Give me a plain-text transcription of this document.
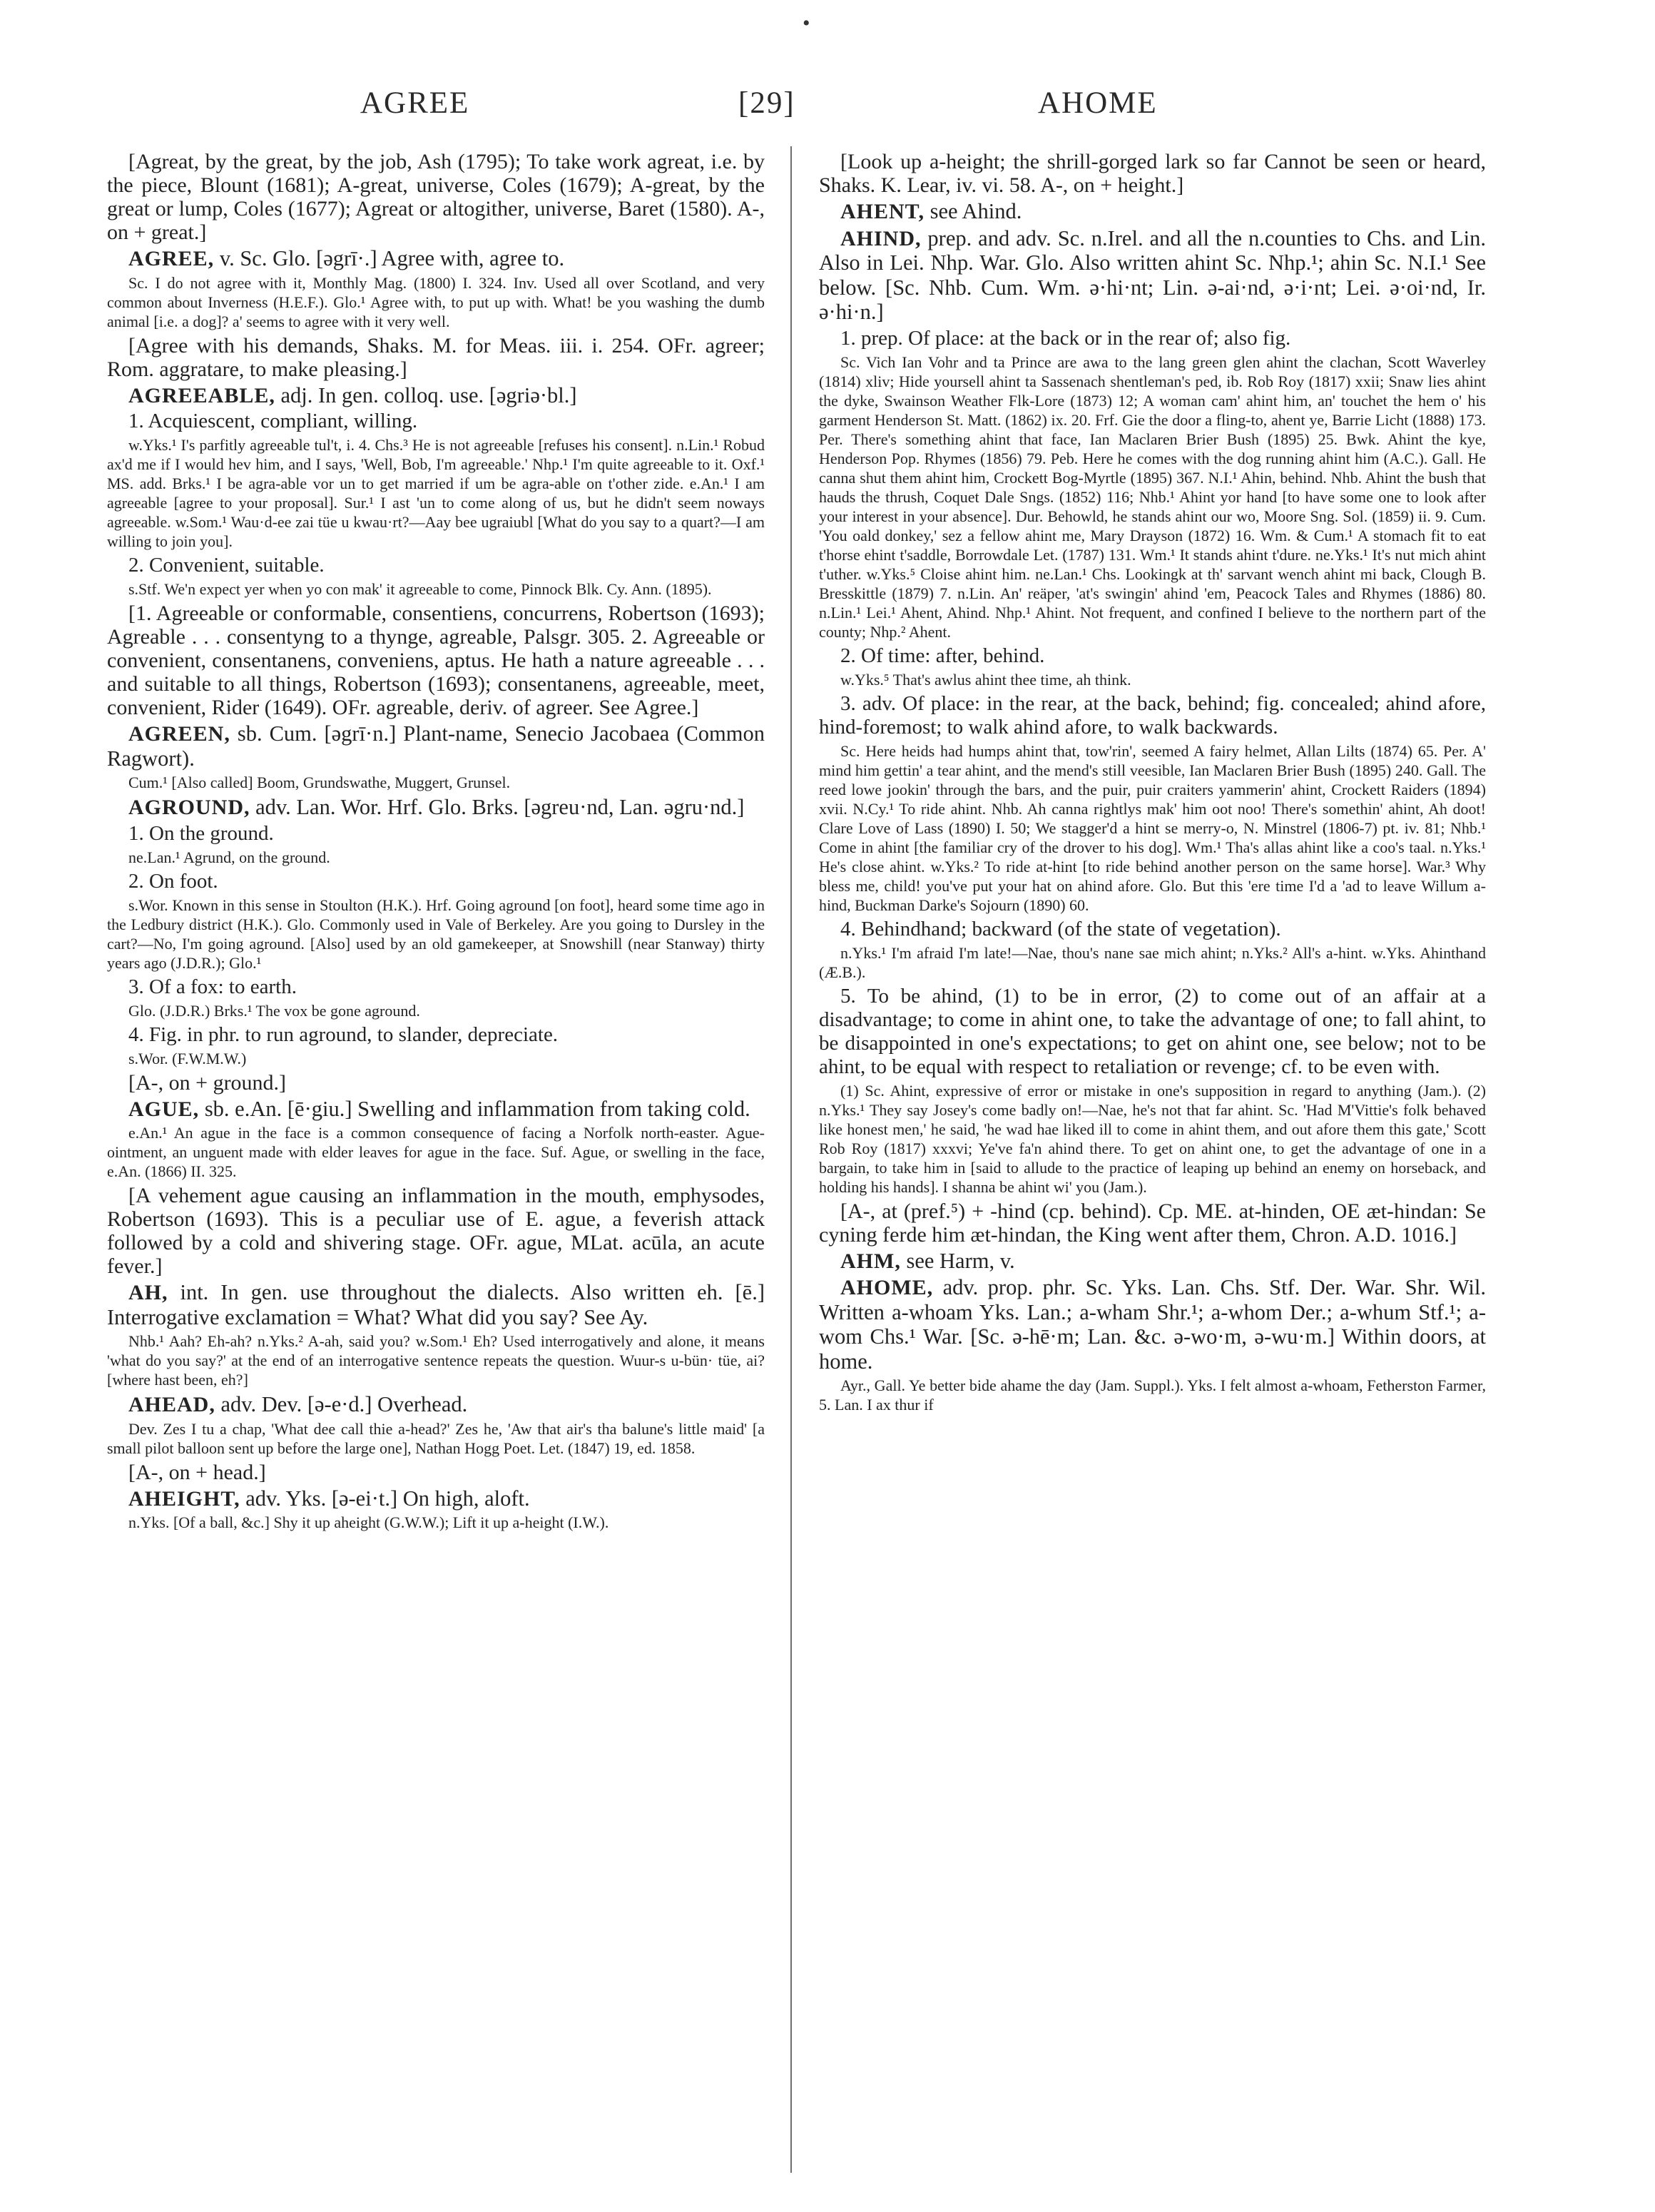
•
AGREE	[29]	AHOME

[Agreat, by the great, by the job, Ash (1795); To take work agreat, i.e. by the piece, Blount (1681); A-great, universe, Coles (1679); A-great, by the great or lump, Coles (1677); Agreat or altogither, universe, Baret (1580). A-, on + great.]

AGREE, v. Sc. Glo. [əgrī·.] Agree with, agree to.

Sc. I do not agree with it, Monthly Mag. (1800) I. 324. Inv. Used all over Scotland, and very common about Inverness (H.E.F.). Glo.¹ Agree with, to put up with. What! be you washing the dumb animal [i.e. a dog]? a' seems to agree with it very well.

[Agree with his demands, Shaks. M. for Meas. iii. i. 254. OFr. agreer; Rom. aggratare, to make pleasing.]

AGREEABLE, adj. In gen. colloq. use. [əgriə·bl.]

1. Acquiescent, compliant, willing.

w.Yks.¹ I's parfitly agreeable tul't, i. 4. Chs.³ He is not agreeable [refuses his consent]. n.Lin.¹ Robud ax'd me if I would hev him, and I says, 'Well, Bob, I'm agreeable.' Nhp.¹ I'm quite agreeable to it. Oxf.¹ MS. add. Brks.¹ I be agra-able vor un to get married if um be agra-able on t'other zide. e.An.¹ I am agreeable [agree to your proposal]. Sur.¹ I ast 'un to come along of us, but he didn't seem noways agreeable. w.Som.¹ Wau·d-ee zai tüe u kwau·rt?—Aay bee ugraiubl [What do you say to a quart?—I am willing to join you].

2. Convenient, suitable.

s.Stf. We'n expect yer when yo con mak' it agreeable to come, Pinnock Blk. Cy. Ann. (1895).

[1. Agreeable or conformable, consentiens, concurrens, Robertson (1693); Agreable . . . consentyng to a thynge, agreable, Palsgr. 305. 2. Agreeable or convenient, consentanens, conveniens, aptus. He hath a nature agreeable . . . and suitable to all things, Robertson (1693); consentanens, agreeable, meet, convenient, Rider (1649). OFr. agreable, deriv. of agreer. See Agree.]

AGREEN, sb. Cum. [əgrī·n.] Plant-name, Senecio Jacobaea (Common Ragwort).

Cum.¹ [Also called] Boom, Grundswathe, Muggert, Grunsel.

AGROUND, adv. Lan. Wor. Hrf. Glo. Brks. [əgreu·nd, Lan. əgru·nd.]

1. On the ground.

ne.Lan.¹ Agrund, on the ground.

2. On foot.

s.Wor. Known in this sense in Stoulton (H.K.). Hrf. Going aground [on foot], heard some time ago in the Ledbury district (H.K.). Glo. Commonly used in Vale of Berkeley. Are you going to Dursley in the cart?—No, I'm going aground. [Also] used by an old gamekeeper, at Snowshill (near Stanway) thirty years ago (J.D.R.); Glo.¹

3. Of a fox: to earth.

Glo. (J.D.R.) Brks.¹ The vox be gone aground.

4. Fig. in phr. to run aground, to slander, depreciate.

s.Wor. (F.W.M.W.)

[A-, on + ground.]

AGUE, sb. e.An. [ē·giu.] Swelling and inflammation from taking cold.

e.An.¹ An ague in the face is a common consequence of facing a Norfolk north-easter. Ague-ointment, an unguent made with elder leaves for ague in the face. Suf. Ague, or swelling in the face, e.An. (1866) II. 325.

[A vehement ague causing an inflammation in the mouth, emphysodes, Robertson (1693). This is a peculiar use of E. ague, a feverish attack followed by a cold and shivering stage. OFr. ague, MLat. acūla, an acute fever.]

AH, int. In gen. use throughout the dialects. Also written eh. [ē.] Interrogative exclamation = What? What did you say? See Ay.

Nhb.¹ Aah? Eh-ah? n.Yks.² A-ah, said you? w.Som.¹ Eh? Used interrogatively and alone, it means 'what do you say?' at the end of an interrogative sentence repeats the question. Wuur-s u-bün· tüe, ai? [where hast been, eh?]

AHEAD, adv. Dev. [ə-e·d.] Overhead.

Dev. Zes I tu a chap, 'What dee call thie a-head?' Zes he, 'Aw that air's tha balune's little maid' [a small pilot balloon sent up before the large one], Nathan Hogg Poet. Let. (1847) 19, ed. 1858.

[A-, on + head.]

AHEIGHT, adv. Yks. [ə-ei·t.] On high, aloft.

n.Yks. [Of a ball, &c.] Shy it up aheight (G.W.W.); Lift it up a-height (I.W.).

[Look up a-height; the shrill-gorged lark so far Cannot be seen or heard, Shaks. K. Lear, iv. vi. 58. A-, on + height.]

AHENT, see Ahind.

AHIND, prep. and adv. Sc. n.Irel. and all the n.counties to Chs. and Lin. Also in Lei. Nhp. War. Glo. Also written ahint Sc. Nhp.¹; ahin Sc. N.I.¹ See below. [Sc. Nhb. Cum. Wm. ə·hi·nt; Lin. ə-ai·nd, ə·i·nt; Lei. ə·oi·nd, Ir. ə·hi·n.]

1. prep. Of place: at the back or in the rear of; also fig.

Sc. Vich Ian Vohr and ta Prince are awa to the lang green glen ahint the clachan, Scott Waverley (1814) xliv; Hide yoursell ahint ta Sassenach shentleman's ped, ib. Rob Roy (1817) xxii; Snaw lies ahint the dyke, Swainson Weather Flk-Lore (1873) 12; A woman cam' ahint him, an' touchet the hem o' his garment Henderson St. Matt. (1862) ix. 20. Frf. Gie the door a fling-to, ahent ye, Barrie Licht (1888) 173. Per. There's something ahint that face, Ian Maclaren Brier Bush (1895) 25. Bwk. Ahint the kye, Henderson Pop. Rhymes (1856) 79. Peb. Here he comes with the dog running ahint him (A.C.). Gall. He canna shut them ahint him, Crockett Bog-Myrtle (1895) 367. N.I.¹ Ahin, behind. Nhb. Ahint the bush that hauds the thrush, Coquet Dale Sngs. (1852) 116; Nhb.¹ Ahint yor hand [to have some one to look after your interest in your absence]. Dur. Behowld, he stands ahint our wo, Moore Sng. Sol. (1859) ii. 9. Cum. 'You oald donkey,' sez a fellow ahint me, Mary Drayson (1872) 16. Wm. & Cum.¹ A stomach fit to eat t'horse ehint t'saddle, Borrowdale Let. (1787) 131. Wm.¹ It stands ahint t'dure. ne.Yks.¹ It's nut mich ahint t'uther. w.Yks.⁵ Cloise ahint him. ne.Lan.¹ Chs. Lookingk at th' sarvant wench ahint mi back, Clough B. Bresskittle (1879) 7. n.Lin. An' reäper, 'at's swingin' ahind 'em, Peacock Tales and Rhymes (1886) 80. n.Lin.¹ Lei.¹ Ahent, Ahind. Nhp.¹ Ahint. Not frequent, and confined I believe to the northern part of the county; Nhp.² Ahent.

2. Of time: after, behind.

w.Yks.⁵ That's awlus ahint thee time, ah think.

3. adv. Of place: in the rear, at the back, behind; fig. concealed; ahind afore, hind-foremost; to walk ahind afore, to walk backwards.

Sc. Here heids had humps ahint that, tow'rin', seemed A fairy helmet, Allan Lilts (1874) 65. Per. A' mind him gettin' a tear ahint, and the mend's still veesible, Ian Maclaren Brier Bush (1895) 240. Gall. The reed lowe jookin' through the bars, and the puir, puir craiters yammerin' ahint, Crockett Raiders (1894) xvii. N.Cy.¹ To ride ahint. Nhb. Ah canna rightlys mak' him oot noo! There's somethin' ahint, Ah doot! Clare Love of Lass (1890) I. 50; We stagger'd a hint se merry-o, N. Minstrel (1806-7) pt. iv. 81; Nhb.¹ Come in ahint [the familiar cry of the drover to his dog]. Wm.¹ Tha's allas ahint like a coo's taal. n.Yks.¹ He's close ahint. w.Yks.² To ride at-hint [to ride behind another person on the same horse]. War.³ Why bless me, child! you've put your hat on ahind afore. Glo. But this 'ere time I'd a 'ad to leave Willum a-hind, Buckman Darke's Sojourn (1890) 60.

4. Behindhand; backward (of the state of vegetation).

n.Yks.¹ I'm afraid I'm late!—Nae, thou's nane sae mich ahint; n.Yks.² All's a-hint. w.Yks. Ahinthand (Æ.B.).

5. To be ahind, (1) to be in error, (2) to come out of an affair at a disadvantage; to come in ahint one, to take the advantage of one; to fall ahint, to be disappointed in one's expectations; to get on ahint one, see below; not to be ahint, to be equal with respect to retaliation or revenge; cf. to be even with.

(1) Sc. Ahint, expressive of error or mistake in one's supposition in regard to anything (Jam.). (2) n.Yks.¹ They say Josey's come badly on!—Nae, he's not that far ahint. Sc. 'Had M'Vittie's folk behaved like honest men,' he said, 'he wad hae liked ill to come in ahint them, and out afore them this gate,' Scott Rob Roy (1817) xxxvi; Ye've fa'n ahind there. To get on ahint one, to get the advantage of one in a bargain, to take him in [said to allude to the practice of leaping up behind an enemy on horseback, and holding his hands]. I shanna be ahint wi' you (Jam.).

[A-, at (pref.⁵) + -hind (cp. behind). Cp. ME. at-hinden, OE æt-hindan: Se cyning ferde him æt-hindan, the King went after them, Chron. A.D. 1016.]

AHM, see Harm, v.

AHOME, adv. prop. phr. Sc. Yks. Lan. Chs. Stf. Der. War. Shr. Wil. Written a-whoam Yks. Lan.; a-wham Shr.¹; a-whom Der.; a-whum Stf.¹; a-wom Chs.¹ War. [Sc. ə-hē·m; Lan. &c. ə-wo·m, ə-wu·m.] Within doors, at home.

Ayr., Gall. Ye better bide ahame the day (Jam. Suppl.). Yks. I felt almost a-whoam, Fetherston Farmer, 5. Lan. I ax thur if
